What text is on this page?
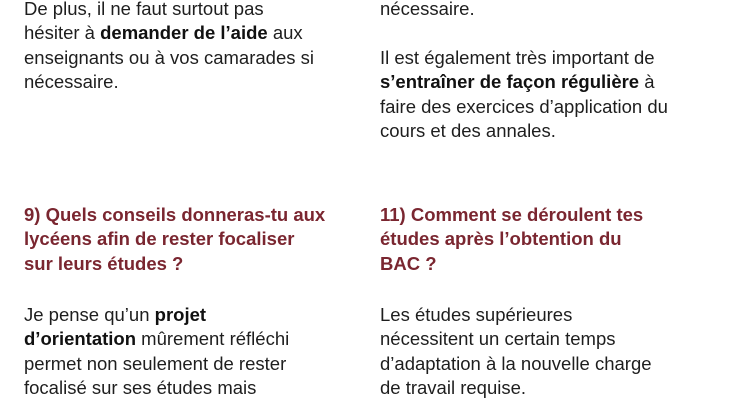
De plus, il ne faut surtout pas
hésiter à demander de l’aide aux
enseignants ou à vos camarades si
nécessaire.

9) Quels conseils donneras-tu aux
lycéens afin de rester focaliser
sur leurs études ?

Je pense qu’un projet
d’orientation mûrement réfléchi
permet non seulement de rester
focalisé sur ses études mais

nécessaire.

Il est également très important de
s’entraîner de façon régulière à
faire des exercices d’application du
cours et des annales.

11) Comment se déroulent tes
études après l’obtention du
BAC ?

Les études supérieures
nécessitent un certain temps
d’adaptation à la nouvelle charge
de travail requise.
